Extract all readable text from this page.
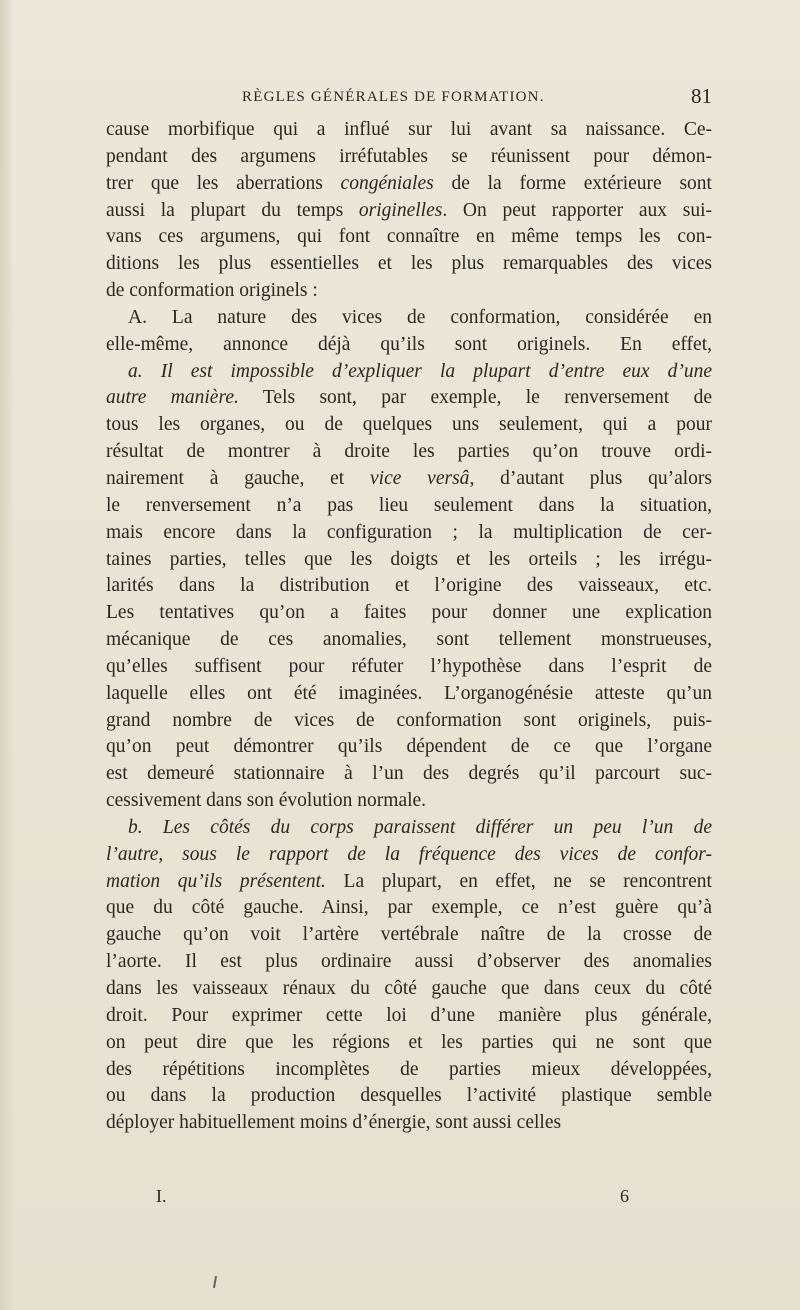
RÈGLES GÉNÉRALES DE FORMATION.	81
cause morbifique qui a influé sur lui avant sa naissance. Ce-
pendant des argumens irréfutables se réunissent pour démon-
trer que les aberrations congéniales de la forme extérieure sont
aussi la plupart du temps originelles. On peut rapporter aux sui-
vans ces argumens, qui font connaître en même temps les con-
ditions les plus essentielles et les plus remarquables des vices
de conformation originels :
A. La nature des vices de conformation, considérée en
elle-même, annonce déjà qu’ils sont originels. En effet,
a. Il est impossible d’expliquer la plupart d’entre eux d’une
autre manière. Tels sont, par exemple, le renversement de
tous les organes, ou de quelques uns seulement, qui a pour
résultat de montrer à droite les parties qu’on trouve ordi-
nairement à gauche, et vice versâ, d’autant plus qu’alors
le renversement n’a pas lieu seulement dans la situation,
mais encore dans la configuration ; la multiplication de cer-
taines parties, telles que les doigts et les orteils ; les irrégu-
larités dans la distribution et l’origine des vaisseaux, etc.
Les tentatives qu’on a faites pour donner une explication
mécanique de ces anomalies, sont tellement monstrueuses,
qu’elles suffisent pour réfuter l’hypothèse dans l’esprit de
laquelle elles ont été imaginées. L’organogénésie atteste qu’un
grand nombre de vices de conformation sont originels, puis-
qu’on peut démontrer qu’ils dépendent de ce que l’organe
est demeuré stationnaire à l’un des degrés qu’il parcourt suc-
cessivement dans son évolution normale.
b. Les côtés du corps paraissent différer un peu l’un de
l’autre, sous le rapport de la fréquence des vices de confor-
mation qu’ils présentent. La plupart, en effet, ne se rencontrent
que du côté gauche. Ainsi, par exemple, ce n’est guère qu’à
gauche qu’on voit l’artère vertébrale naître de la crosse de
l’aorte. Il est plus ordinaire aussi d’observer des anomalies
dans les vaisseaux rénaux du côté gauche que dans ceux du côté
droit. Pour exprimer cette loi d’une manière plus générale,
on peut dire que les régions et les parties qui ne sont que
des répétitions incomplètes de parties mieux développées,
ou dans la production desquelles l’activité plastique semble
déployer habituellement moins d’énergie, sont aussi celles
I.	6
